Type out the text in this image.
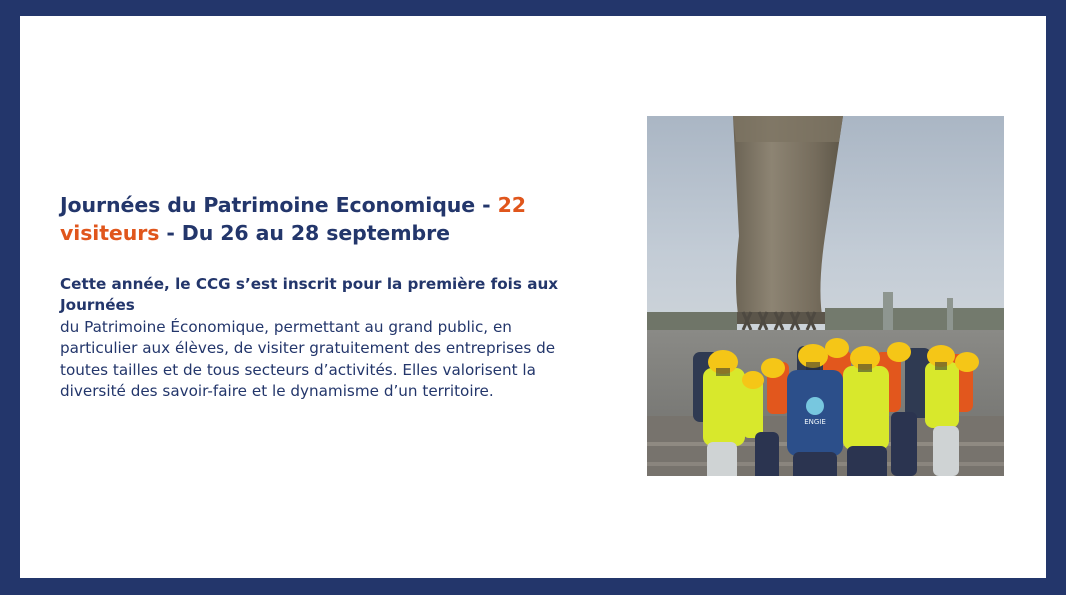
Journées du Patrimoine Economique - 22 visiteurs - Du 26 au 28 septembre

Cette année, le CCG s’est inscrit pour la première fois aux Journées

du Patrimoine Économique, permettant au grand public, en particulier aux élèves, de visiter gratuitement des entreprises de toutes tailles et de tous secteurs d’activités. Elles valorisent la diversité des savoir-faire et le dynamisme d’un territoire.

ENGIE
